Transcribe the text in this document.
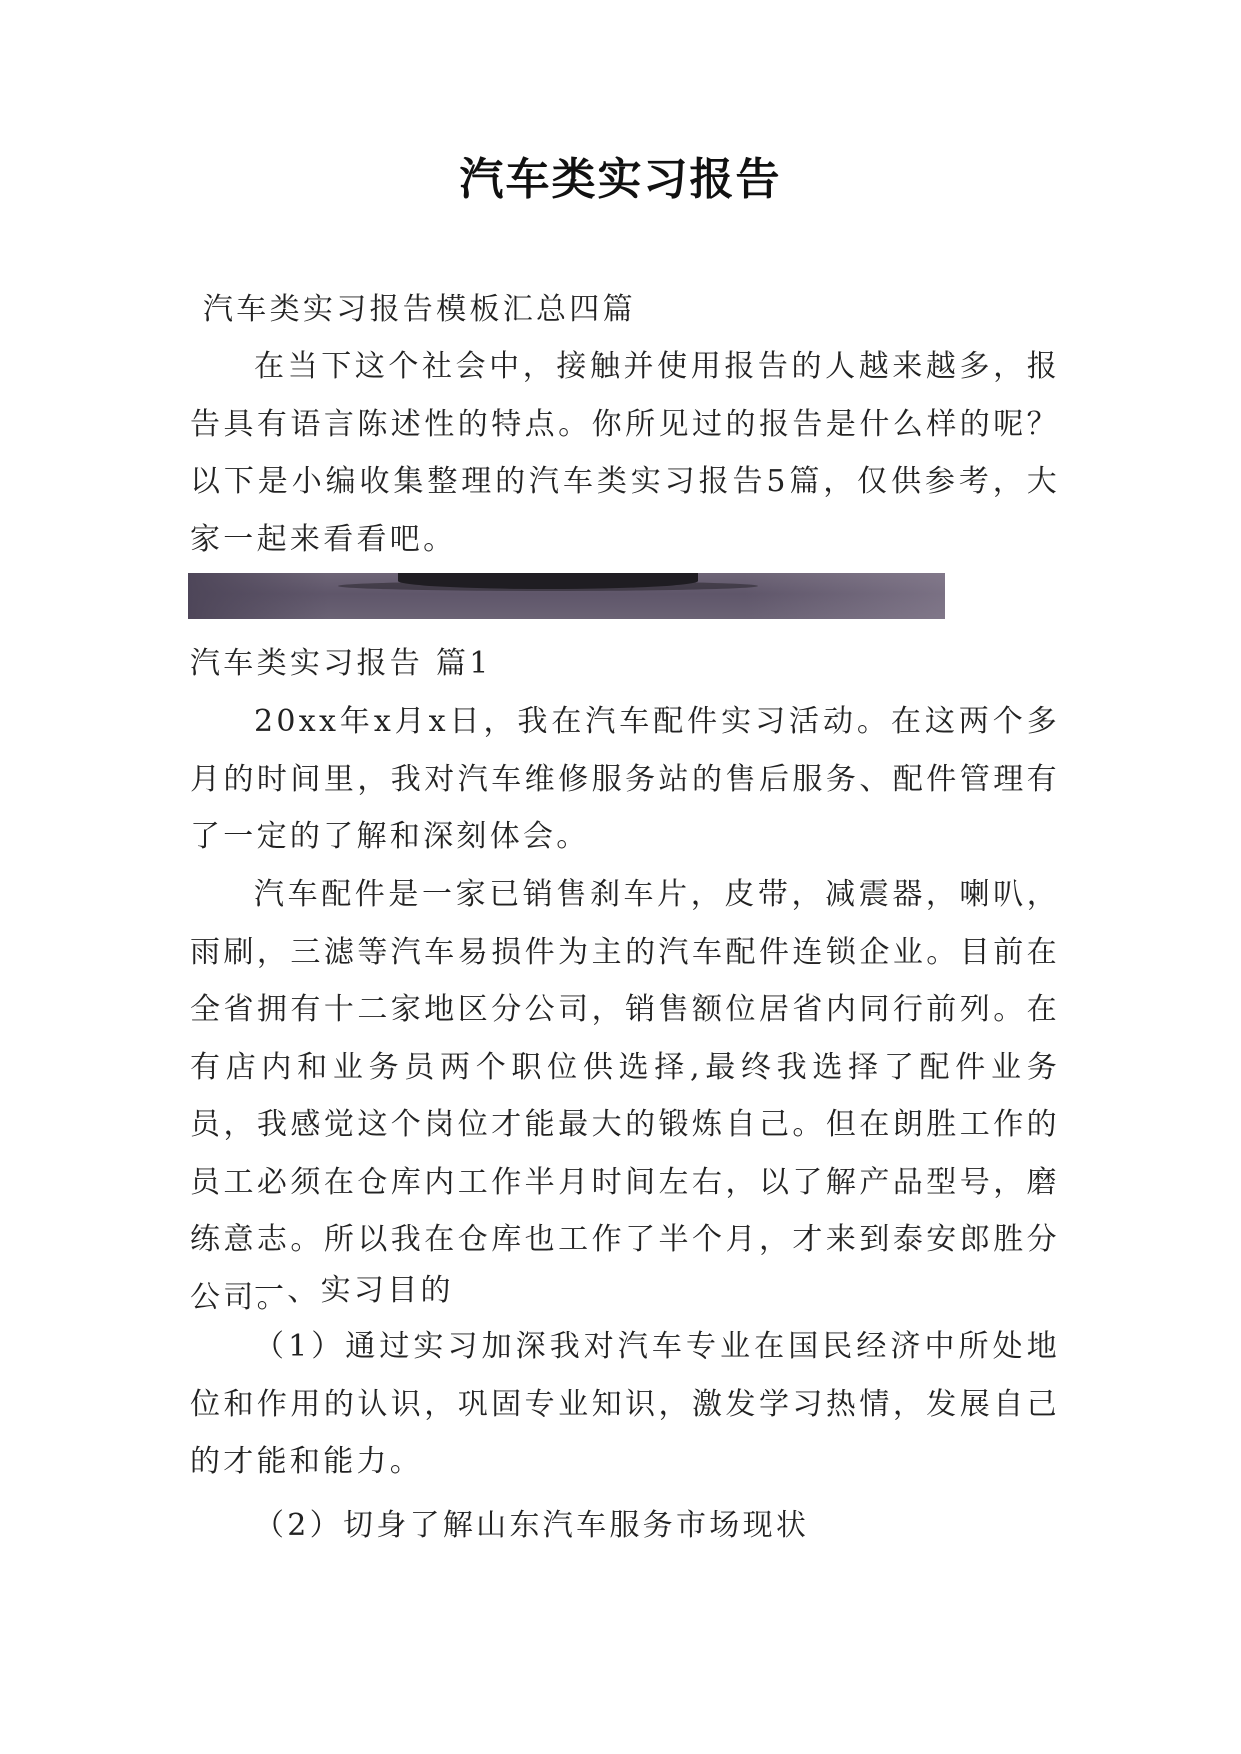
汽车类实习报告
汽车类实习报告模板汇总四篇
在当下这个社会中，接触并使用报告的人越来越多，报告具有语言陈述性的特点。你所见过的报告是什么样的呢？以下是小编收集整理的汽车类实习报告5篇，仅供参考，大家一起来看看吧。
汽车类实习报告 篇1
20xx年x月x日，我在汽车配件实习活动。在这两个多月的时间里，我对汽车维修服务站的售后服务、配件管理有了一定的了解和深刻体会。
汽车配件是一家已销售刹车片，皮带，减震器，喇叭，雨刷，三滤等汽车易损件为主的汽车配件连锁企业。目前在全省拥有十二家地区分公司，销售额位居省内同行前列。在有店内和业务员两个职位供选择,最终我选择了配件业务员，我感觉这个岗位才能最大的锻炼自己。但在朗胜工作的员工必须在仓库内工作半月时间左右，以了解产品型号，磨练意志。所以我在仓库也工作了半个月，才来到泰安郎胜分公司。
一、实习目的
（1）通过实习加深我对汽车专业在国民经济中所处地位和作用的认识，巩固专业知识，激发学习热情，发展自己的才能和能力。
（2）切身了解山东汽车服务市场现状
